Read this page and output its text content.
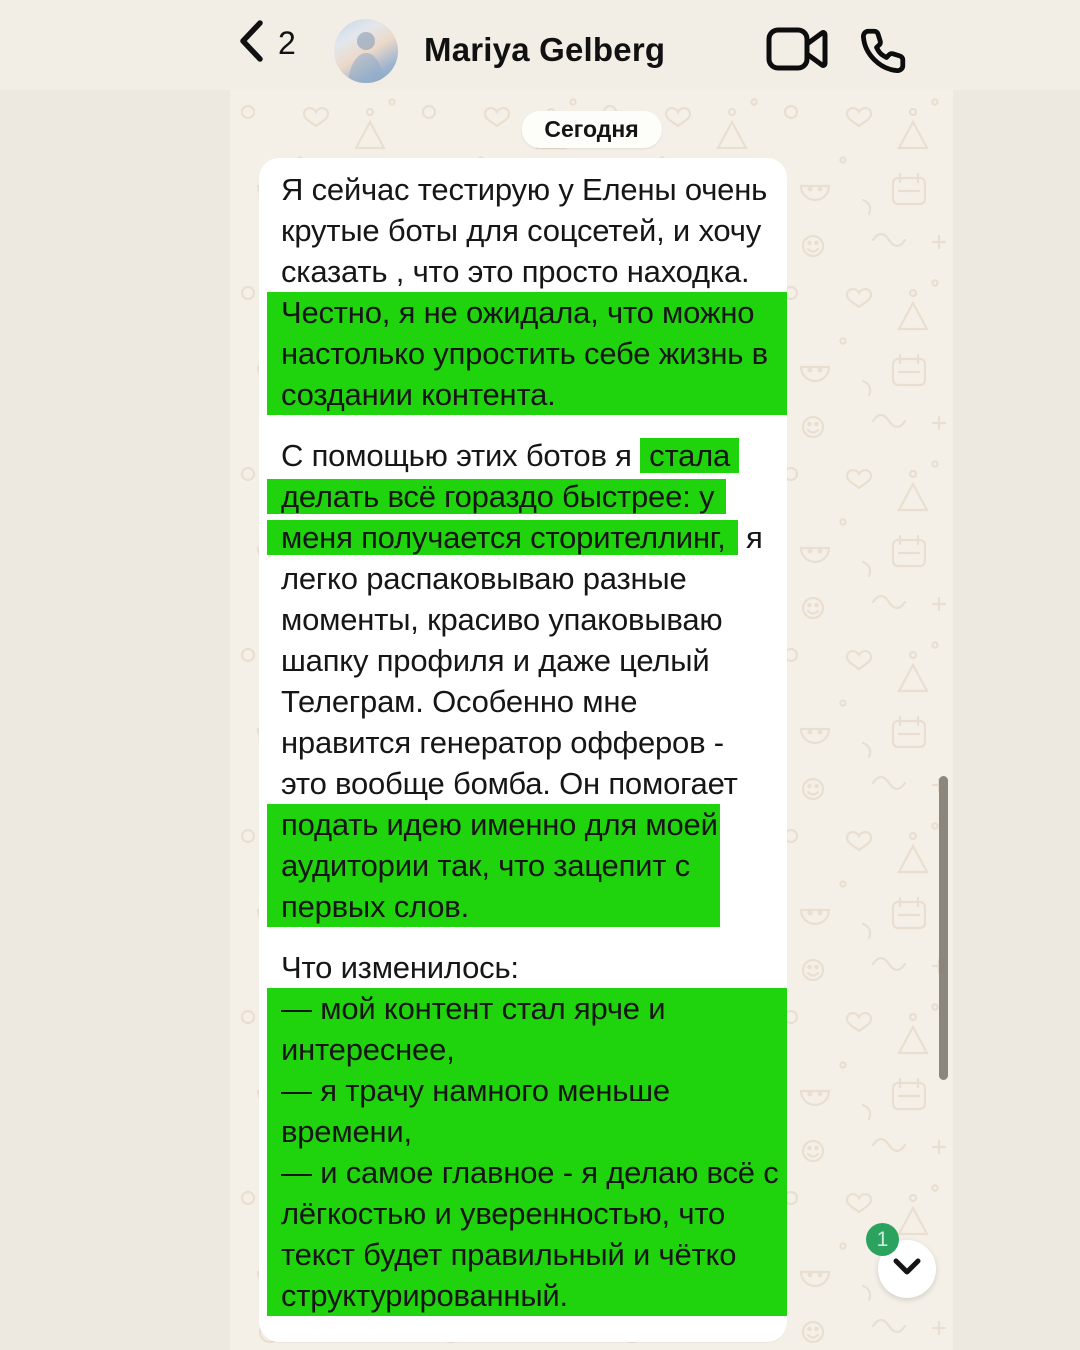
2	Mariya Gelberg
Сегодня
Я сейчас тестирую у Елены очень
крутые боты для соцсетей, и хочу
сказать , что это просто находка.
Честно, я не ожидала, что можно
настолько упростить себе жизнь в
создании контента.
С помощью этих ботов я стала
делать всё гораздо быстрее: у
меня получается сторителлинг, я
легко распаковываю разные
моменты, красиво упаковываю
шапку профиля и даже целый
Телеграм. Особенно мне
нравится генератор офферов -
это вообще бомба. Он помогает
подать идею именно для моей
аудитории так, что зацепит с
первых слов.
Что изменилось:
— мой контент стал ярче и
интереснее,
— я трачу намного меньше
времени,
— и самое главное - я делаю всё с
лёгкостью и уверенностью, что
текст будет правильный и чётко
структурированный.
1
